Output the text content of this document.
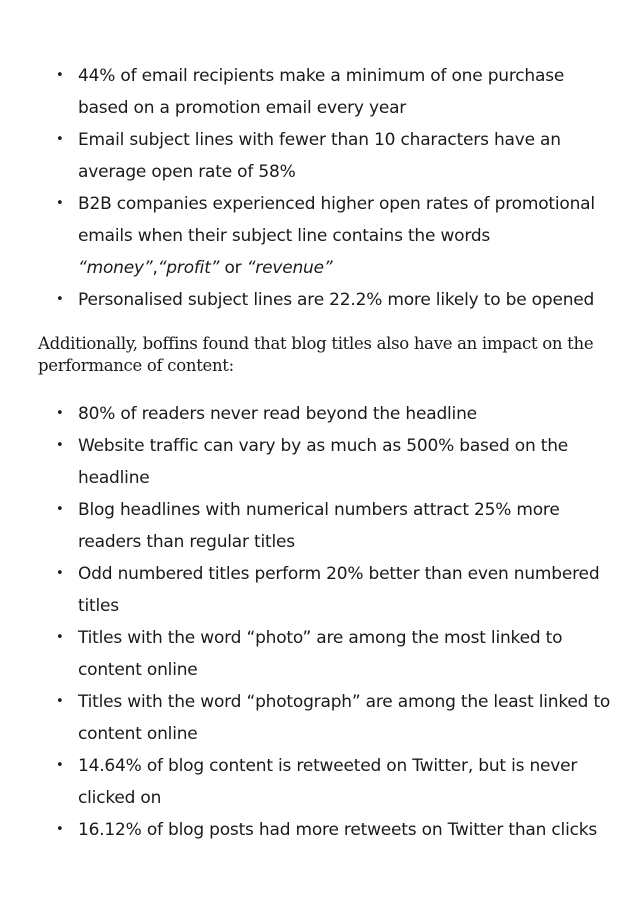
• 44% of email recipients make a minimum of one purchase based on a promotion email every year
• Email subject lines with fewer than 10 characters have an average open rate of 58%
• B2B companies experienced higher open rates of promotional emails when their subject line contains the words “money”,“profit” or “revenue”
• Personalised subject lines are 22.2% more likely to be opened

Additionally, boffins found that blog titles also have an impact on the performance of content:

• 80% of readers never read beyond the headline
• Website traffic can vary by as much as 500% based on the headline
• Blog headlines with numerical numbers attract 25% more readers than regular titles
• Odd numbered titles perform 20% better than even numbered titles
• Titles with the word “photo” are among the most linked to content online
• Titles with the word “photograph” are among the least linked to content online
• 14.64% of blog content is retweeted on Twitter, but is never clicked on
• 16.12% of blog posts had more retweets on Twitter than clicks
